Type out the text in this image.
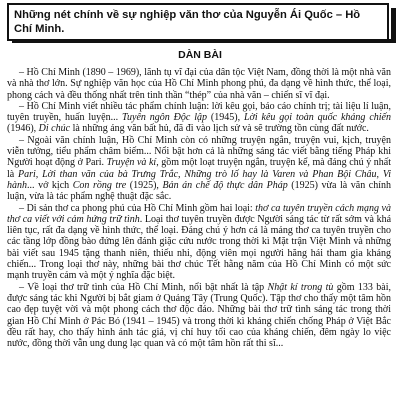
Những nét chính về sự nghiệp văn thơ của Nguyễn Ái Quốc – Hồ Chí Minh.
DÀN BÀI

– Hồ Chí Minh (1890 – 1969), lãnh tụ vĩ đại của dân tộc Việt Nam, đồng thời là một nhà văn và nhà thơ lớn. Sự nghiệp văn học của Hồ Chí Minh phong phú, đa dạng về hình thức, thể loại, phong cách và đều thống nhất trên tinh thần “thép” của nhà văn – chiến sĩ vĩ đại.

– Hồ Chí Minh viết nhiều tác phẩm chính luận: lời kêu gọi, báo cáo chính trị; tài liệu lí luận, tuyên truyền, huấn luyện... Tuyên ngôn Độc lập (1945), Lời kêu gọi toàn quốc kháng chiến (1946), Di chúc là những áng văn bất hủ, đã đi vào lịch sử và sẽ trường tồn cùng đất nước.

– Ngoài văn chính luận, Hồ Chí Minh còn có những truyện ngắn, truyện vui, kịch, truyện viễn tưởng, tiểu phẩm châm biếm... Nổi bật hơn cả là những sáng tác viết bằng tiếng Pháp khi Người hoạt động ở Pari. Truyện và kí, gồm một loạt truyện ngắn, truyện kể, mà đáng chú ý nhất là Pari, Lời than vãn của bà Trưng Trắc, Những trò lố hay là Varen và Phan Bội Châu, Vi hành... vở kịch Con rồng tre (1925), Bản án chế độ thực dân Pháp (1925) vừa là văn chính luận, vừa là tác phẩm nghệ thuật đặc sắc.

– Di sản thơ ca phong phú của Hồ Chí Minh gồm hai loại: thơ ca tuyên truyền cách mạng và thơ ca viết với cảm hứng trữ tình. Loại thơ tuyên truyền được Người sáng tác từ rất sớm và khá liên tục, rất đa dạng về hình thức, thể loại. Đáng chú ý hơn cả là mảng thơ ca tuyên truyền cho các tầng lớp đồng bào đứng lên đánh giặc cứu nước trong thời kì Mặt trận Việt Minh và những bài viết sau 1945 tặng thanh niên, thiếu nhi, động viên mọi người hăng hái tham gia kháng chiến... Trong loại thơ này, những bài thơ chúc Tết hằng năm của Hồ Chí Minh có một sức mạnh truyền cảm và một ý nghĩa đặc biệt.

– Về loại thơ trữ tình của Hồ Chí Minh, nổi bật nhất là tập Nhật kí trong tù gồm 133 bài, được sáng tác khi Người bị bắt giam ở Quảng Tây (Trung Quốc). Tập thơ cho thấy một tâm hồn cao đẹp tuyệt vời và một phong cách thơ độc đáo. Những bài thơ trữ tình sáng tác trong thời gian Hồ Chí Minh ở Pác Bó (1941 – 1945) và trong thời kì kháng chiến chống Pháp ở Việt Bắc đều rất hay, cho thấy hình ảnh tác giả, vị chỉ huy tối cao của kháng chiến, đêm ngày lo việc nước, đồng thời vẫn ung dung lạc quan và có một tâm hồn rất thi sĩ...
